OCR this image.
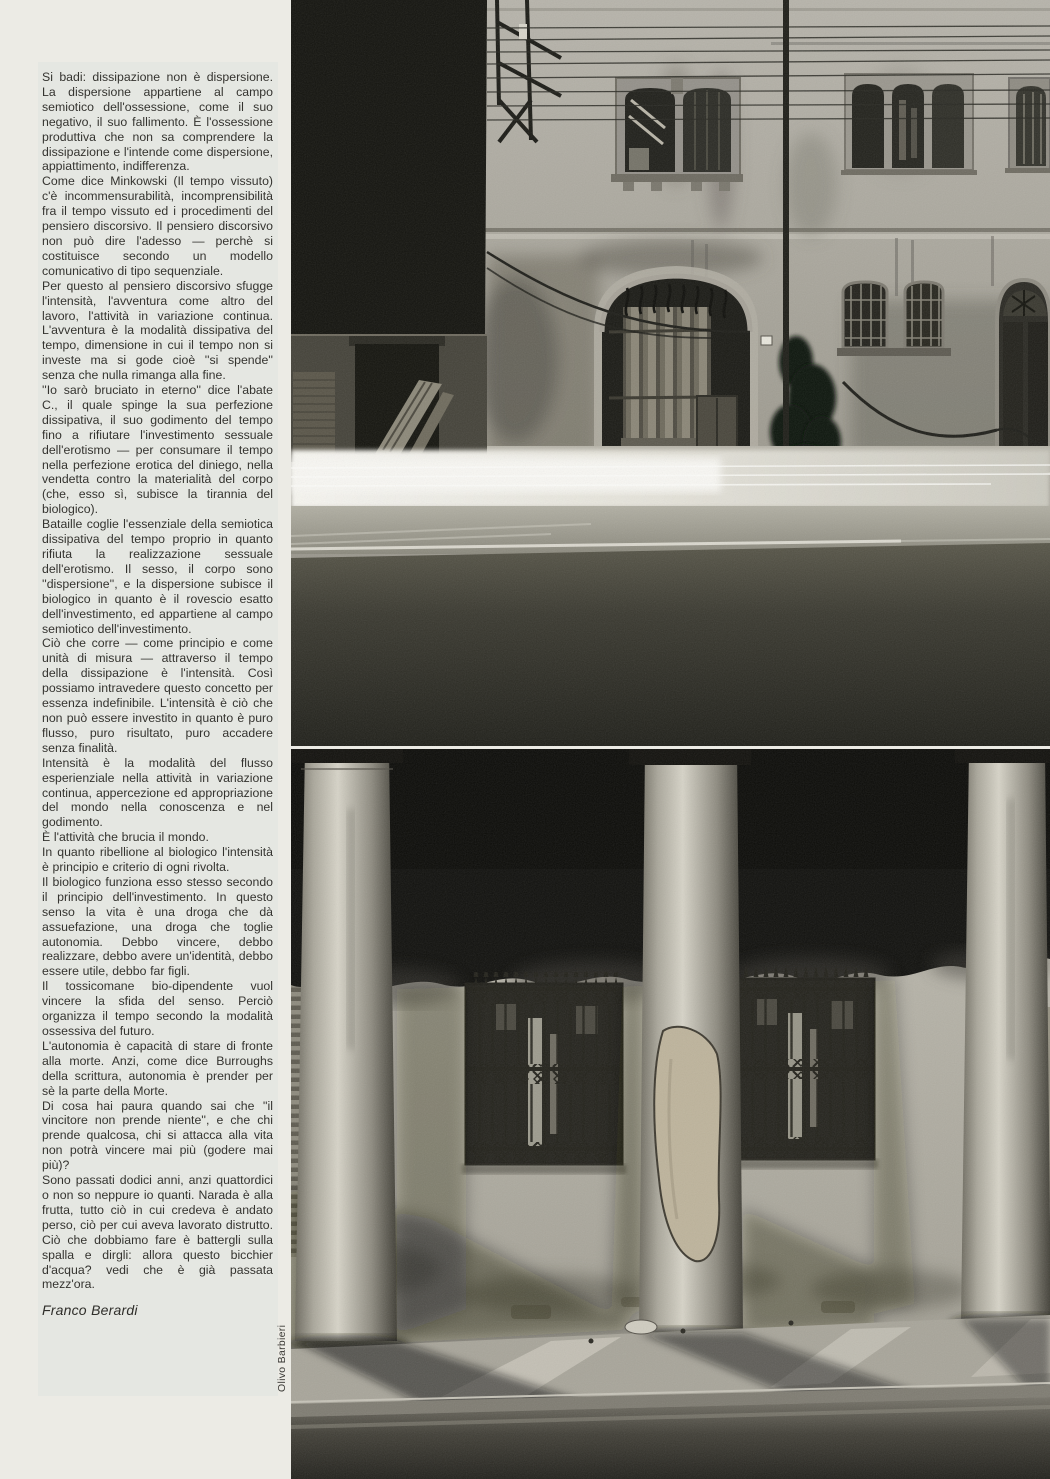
Si badi: dissipazione non è dispersione. La dispersione appartiene al campo semiotico dell'ossessione, come il suo negativo, il suo fallimento. È l'ossessione produttiva che non sa comprendere la dissipazione e l'intende come dispersione, appiattimento, indifferenza.

Come dice Minkowski (Il tempo vissuto) c'è incommensurabilità, incomprensibilità fra il tempo vissuto ed i procedimenti del pensiero discorsivo. Il pensiero discorsivo non può dire l'adesso — perchè si costituisce secondo un modello comunicativo di tipo sequenziale.

Per questo al pensiero discorsivo sfugge l'intensità, l'avventura come altro del lavoro, l'attività in variazione continua. L'avventura è la modalità dissipativa del tempo, dimensione in cui il tempo non si investe ma si gode cioè ''si spende'' senza che nulla rimanga alla fine.

''Io sarò bruciato in eterno'' dice l'abate C., il quale spinge la sua perfezione dissipativa, il suo godimento del tempo fino a rifiutare l'investimento sessuale dell'erotismo — per consumare il tempo nella perfezione erotica del diniego, nella vendetta contro la materialità del corpo (che, esso sì, subisce la tirannia del biologico).

Bataille coglie l'essenziale della semiotica dissipativa del tempo proprio in quanto rifiuta la realizzazione sessuale dell'erotismo. Il sesso, il corpo sono ''dispersione'', e la dispersione subisce il biologico in quanto è il rovescio esatto dell'investimento, ed appartiene al campo semiotico dell'investimento.

Ciò che corre — come principio e come unità di misura — attraverso il tempo della dissipazione è l'intensità. Così possiamo intravedere questo concetto per essenza indefinibile. L'intensità è ciò che non può essere investito in quanto è puro flusso, puro risultato, puro accadere senza finalità.

Intensità è la modalità del flusso esperienziale nella attività in variazione continua, appercezione ed appropriazione del mondo nella conoscenza e nel godimento.

È l'attività che brucia il mondo.

In quanto ribellione al biologico l'intensità è principio e criterio di ogni rivolta.

Il biologico funziona esso stesso secondo il principio dell'investimento. In questo senso la vita è una droga che dà assuefazione, una droga che toglie autonomia. Debbo vincere, debbo realizzare, debbo avere un'identità, debbo essere utile, debbo far figli.

Il tossicomane bio-dipendente vuol vincere la sfida del senso. Perciò organizza il tempo secondo la modalità ossessiva del futuro.

L'autonomia è capacità di stare di fronte alla morte. Anzi, come dice Burroughs della scrittura, autonomia è prender per sè la parte della Morte.

Di cosa hai paura quando sai che ''il vincitore non prende niente'', e che chi prende qualcosa, chi si attacca alla vita non potrà vincere mai più (godere mai più)?

Sono passati dodici anni, anzi quattordici o non so neppure io quanti. Narada è alla frutta, tutto ciò in cui credeva è andato perso, ciò per cui aveva lavorato distrutto. Ciò che dobbiamo fare è battergli sulla spalla e dirgli: allora questo bicchier d'acqua? vedi che è già passata mezz'ora.

Franco Berardi

Olivo Barbieri
